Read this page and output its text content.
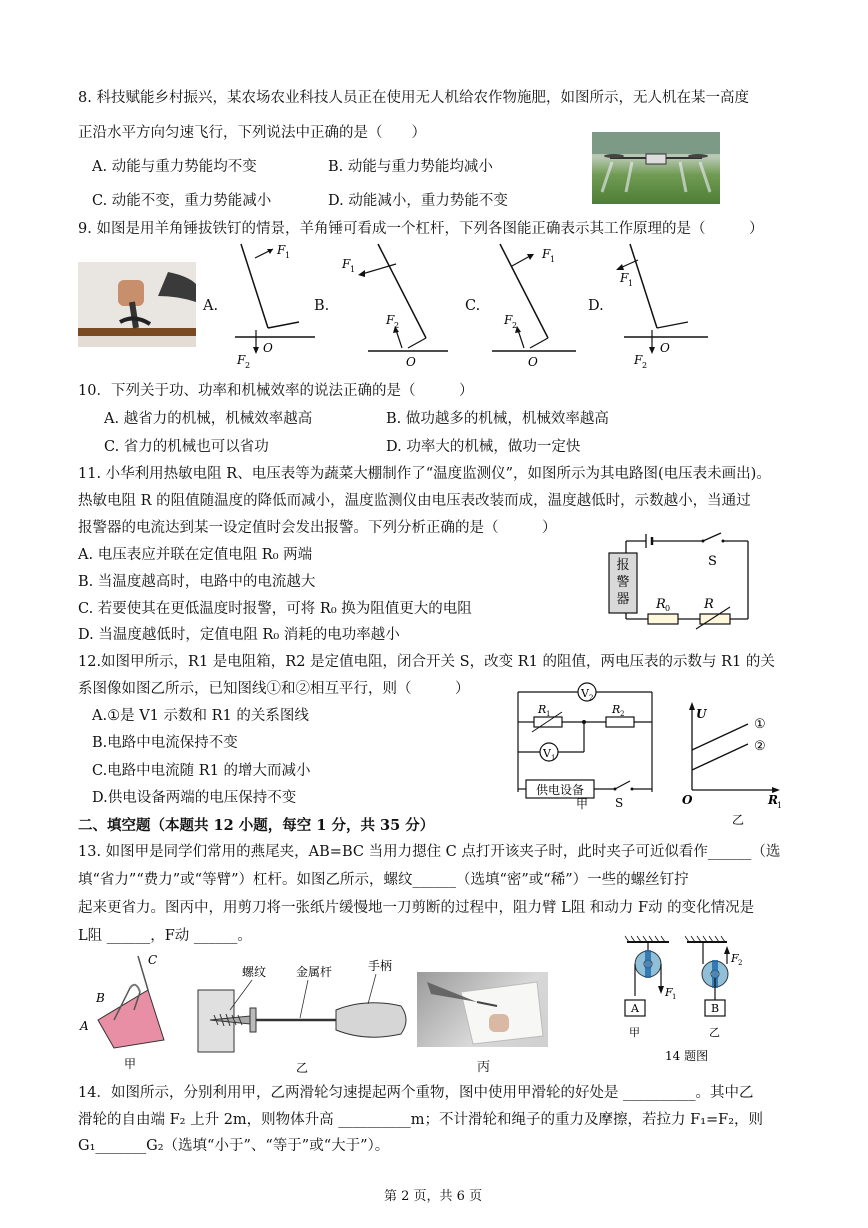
8. 科技赋能乡村振兴，某农场农业科技人员正在使用无人机给农作物施肥，如图所示，无人机在某一高度
正沿水平方向匀速飞行，下列说法中正确的是（　　）
A. 动能与重力势能均不变	B. 动能与重力势能均减小
C. 动能不变，重力势能减小	D. 动能减小，重力势能不变
9. 如图是用羊角锤拔铁钉的情景，羊角锤可看成一个杠杆，下列各图能正确表示其工作原理的是（　　　）
A.
F 1
F 2
O
B.
F 1
F 2
O
C.
F 1
F 2
O
D.
F 1
F 2
O
10．下列关于功、功率和机械效率的说法正确的是（　　　）
A. 越省力的机械，机械效率越高	B. 做功越多的机械，机械效率越高
C. 省力的机械也可以省功	D. 功率大的机械，做功一定快
11. 小华利用热敏电阻 R、电压表等为蔬菜大棚制作了“温度监测仪”，如图所示为其电路图(电压表未画出)。
热敏电阻 R 的阻值随温度的降低而减小，温度监测仪由电压表改装而成，温度越低时，示数越小，当通过
报警器的电流达到某一设定值时会发出报警。下列分析正确的是（　　　）
A. 电压表应并联在定值电阻 R₀ 两端
B. 当温度越高时，电路中的电流越大
C. 若要使其在更低温度时报警，可将 R₀ 换为阻值更大的电阻
D. 当温度越低时，定值电阻 R₀ 消耗的电功率越小
报
警
器
S
R 0	R
12.如图甲所示，R1 是电阻箱，R2 是定值电阻，闭合开关 S，改变 R1 的阻值，两电压表的示数与 R1 的关
系图像如图乙所示，已知图线①和②相互平行，则（　　　）
A.①是 V1 示数和 R1 的关系图线
B.电路中电流保持不变
C.电路中电流随 R1 的增大而减小
D.供电设备两端的电压保持不变
V 2
R 1	R 2
V 1
供电设备
S
甲
U
①
②
O	R 1
乙
二、填空题（本题共 12 小题，每空 1 分，共 35 分）
13. 如图甲是同学们常用的燕尾夹，AB=BC 当用力摁住 C 点打开该夹子时，此时夹子可近似看作______（选
填“省力”“费力”或“等臂”）杠杆。如图乙所示，螺纹______（选填“密”或“稀”）一些的螺丝钉拧
起来更省力。图丙中，用剪刀将一张纸片缓慢地一刀剪断的过程中，阻力臂 L阻 和动力 F动 的变化情况是
L阻 ______，F动 ______。
C
B
A
甲
螺纹 金属杆	手柄
乙	丙
F 1
A
甲
F 2
B
乙
14 题图
14．如图所示，分别利用甲，乙两滑轮匀速提起两个重物，图中使用甲滑轮的好处是 __________。其中乙
滑轮的自由端 F₂ 上升 2m，则物体升高 __________m；不计滑轮和绳子的重力及摩擦，若拉力 F₁=F₂，则
G₁_______G₂（选填“小于”、“等于”或“大于”）。
第 2 页，共 6 页
